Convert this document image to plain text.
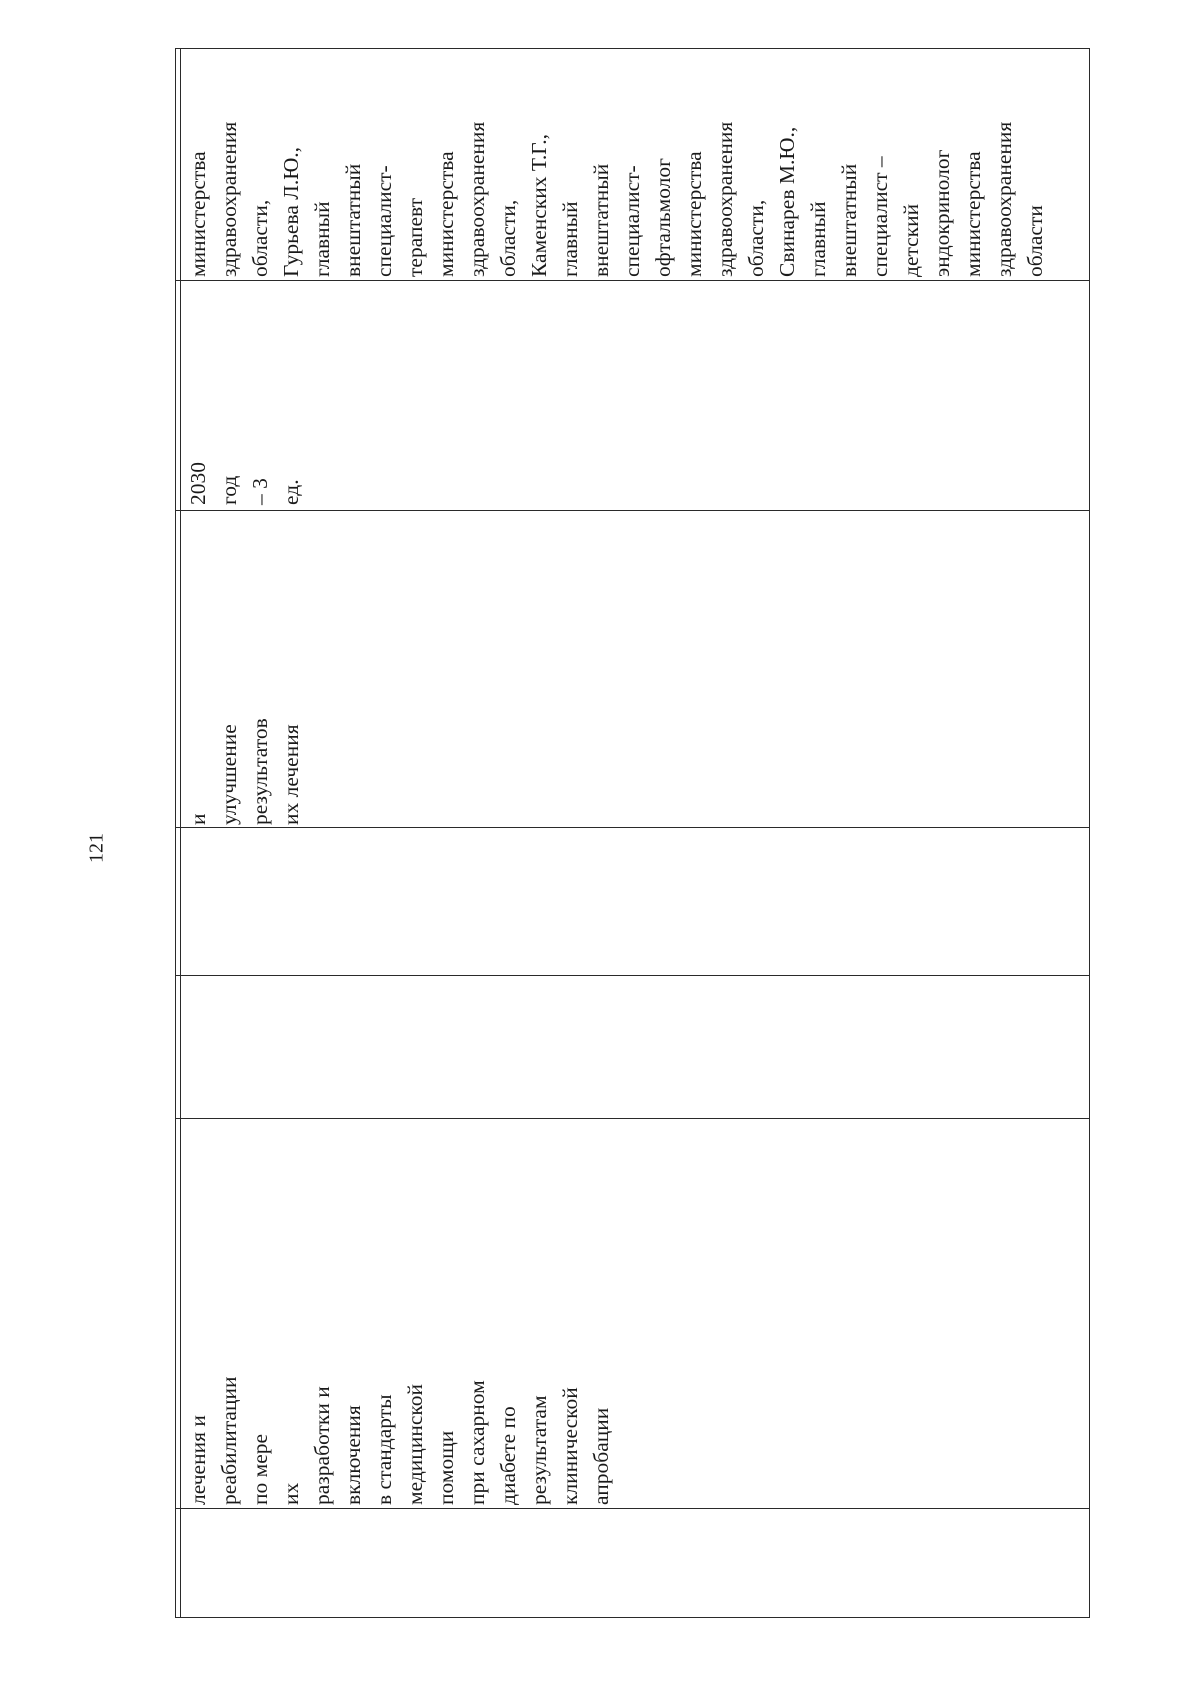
121
лечения и реабилитации по мере
их разработки и включения
в стандарты медицинской помощи
при сахарном диабете по результатам
клинической апробации
и улучшение
результатов их лечения
2030 год – 3 ед.
министерства
здравоохранения
области,
Гурьева Л.Ю.,
главный
внештатный
специалист-
терапевт
министерства
здравоохранения
области,
Каменских Т.Г.,
главный
внештатный
специалист-
офтальмолог
министерства
здравоохранения
области,
Свинарев М.Ю.,
главный
внештатный
специалист –
детский
эндокринолог
министерства
здравоохранения
области
